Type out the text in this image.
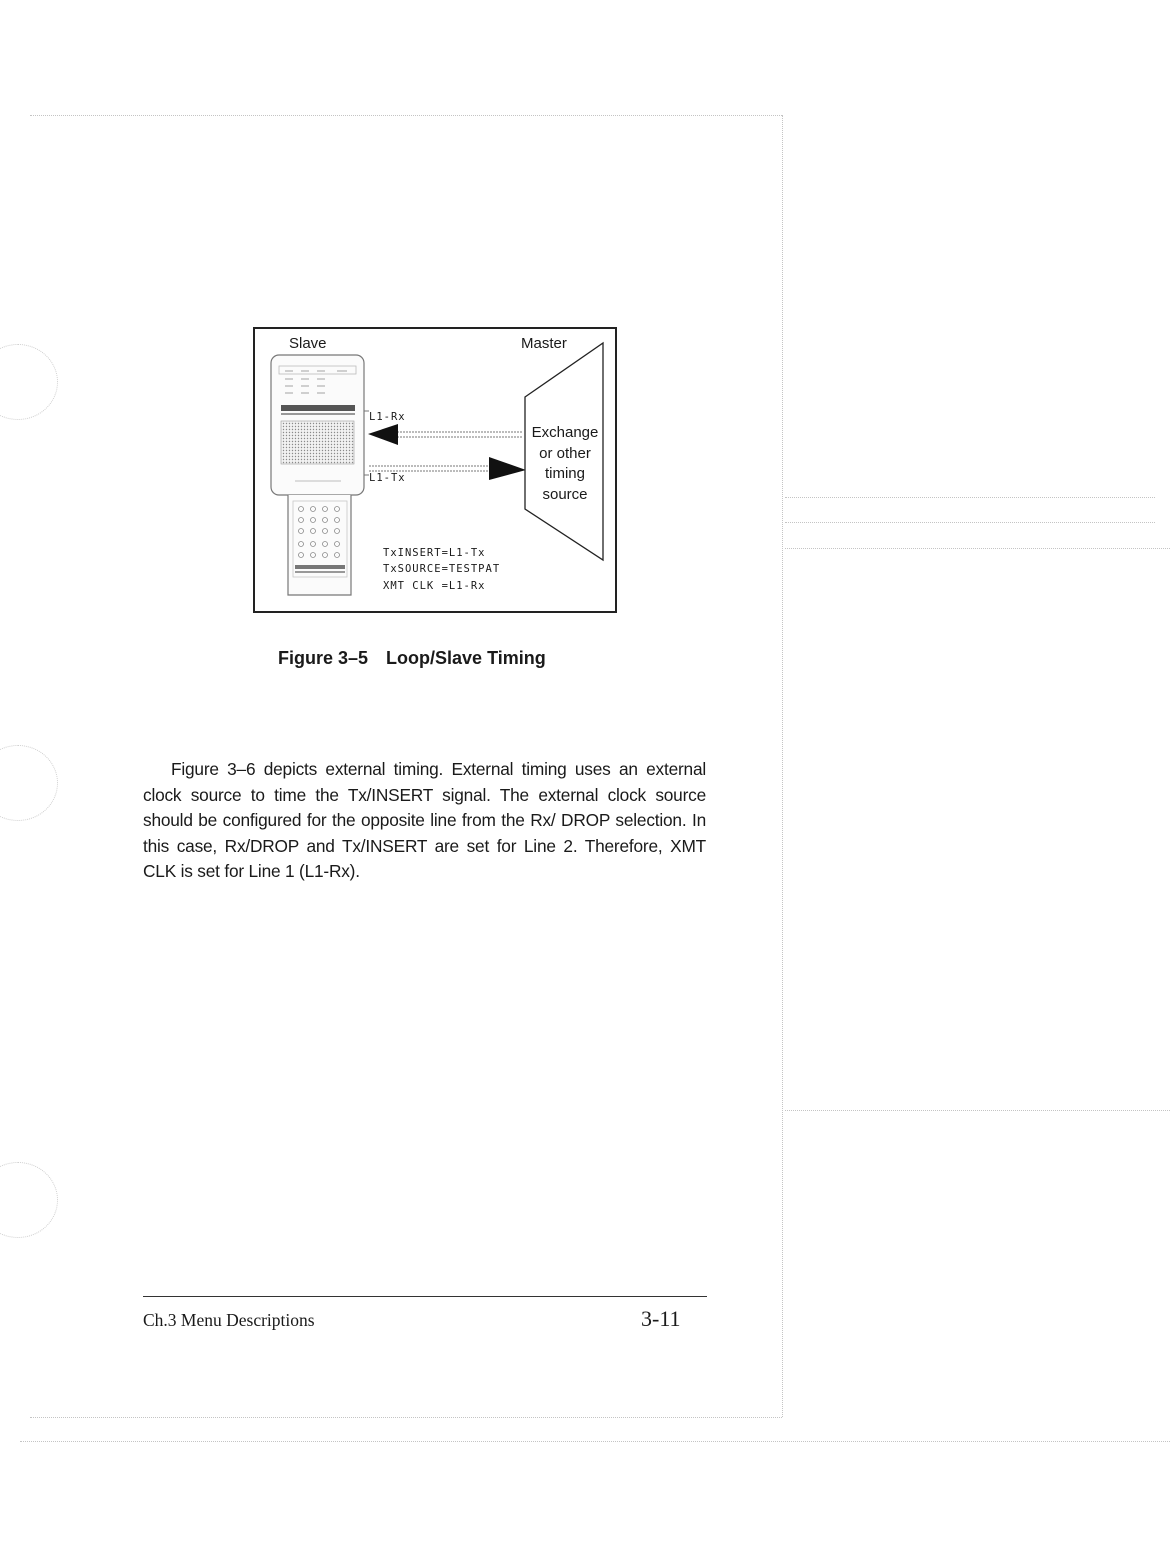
Slave	Master
L1-Rx
L1-Tx
Exchange
or other
timing
source
TxINSERT=L1-Tx
TxSOURCE=TESTPAT
XMT CLK =L1-Rx
Figure 3–5 Loop/Slave Timing
Figure 3–6 depicts external timing. External timing uses an external clock source to time the Tx/INSERT signal. The external clock source should be configured for the opposite line from the Rx/ DROP selection. In this case, Rx/DROP and Tx/INSERT are set for Line 2. Therefore, XMT CLK is set for Line 1 (L1-Rx).
Ch.3 Menu Descriptions	3-11
